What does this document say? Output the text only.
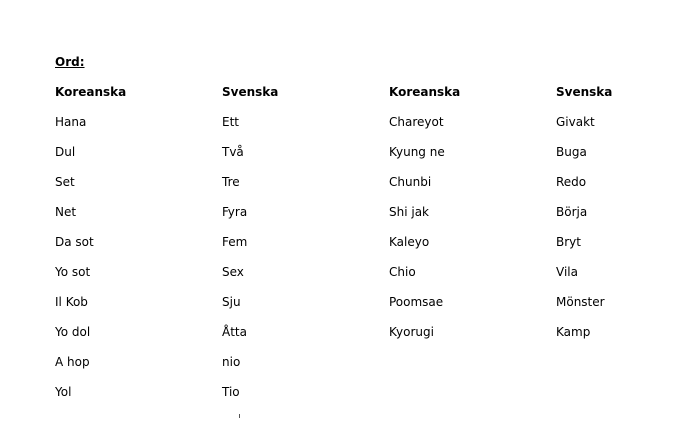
Ord:
Koreanska
Hana
Dul
Set
Net
Da sot
Yo sot
Il Kob
Yo dol
A hop
Yol
Svenska
Ett
Två
Tre
Fyra
Fem
Sex
Sju
Åtta
nio
Tio
Koreanska
Chareyot
Kyung ne
Chunbi
Shi jak
Kaleyo
Chio
Poomsae
Kyorugi
Svenska
Givakt
Buga
Redo
Börja
Bryt
Vila
Mönster
Kamp
